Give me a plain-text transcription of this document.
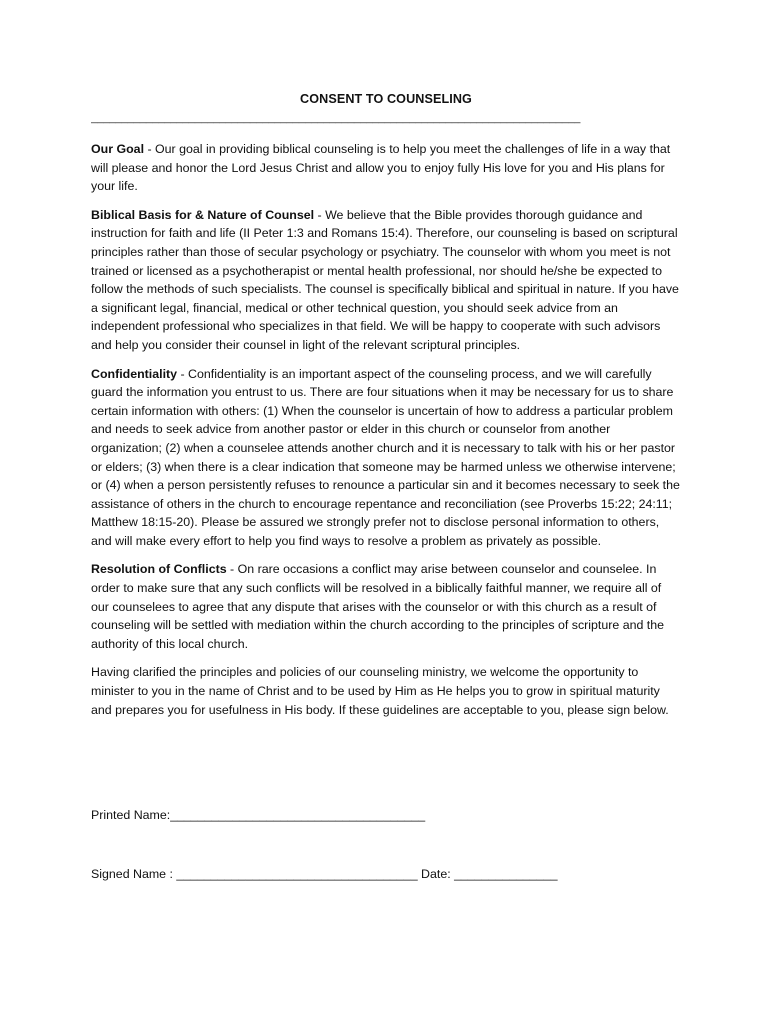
CONSENT TO COUNSELING
________________________________________________________________________________

Our Goal - Our goal in providing biblical counseling is to help you meet the challenges of life in a way that will please and honor the Lord Jesus Christ and allow you to enjoy fully His love for you and His plans for your life.

Biblical Basis for & Nature of Counsel - We believe that the Bible provides thorough guidance and instruction for faith and life (II Peter 1:3 and Romans 15:4). Therefore, our counseling is based on scriptural principles rather than those of secular psychology or psychiatry. The counselor with whom you meet is not trained or licensed as a psychotherapist or mental health professional, nor should he/she be expected to follow the methods of such specialists. The counsel is specifically biblical and spiritual in nature. If you have a significant legal, financial, medical or other technical question, you should seek advice from an independent professional who specializes in that field. We will be happy to cooperate with such advisors and help you consider their counsel in light of the relevant scriptural principles.

Confidentiality - Confidentiality is an important aspect of the counseling process, and we will carefully guard the information you entrust to us. There are four situations when it may be necessary for us to share certain information with others: (1) When the counselor is uncertain of how to address a particular problem and needs to seek advice from another pastor or elder in this church or counselor from another organization; (2) when a counselee attends another church and it is necessary to talk with his or her pastor or elders; (3) when there is a clear indication that someone may be harmed unless we otherwise intervene; or (4) when a person persistently refuses to renounce a particular sin and it becomes necessary to seek the assistance of others in the church to encourage repentance and reconciliation (see Proverbs 15:22; 24:11; Matthew 18:15-20). Please be assured we strongly prefer not to disclose personal information to others, and will make every effort to help you find ways to resolve a problem as privately as possible.

Resolution of Conflicts - On rare occasions a conflict may arise between counselor and counselee. In order to make sure that any such conflicts will be resolved in a biblically faithful manner, we require all of our counselees to agree that any dispute that arises with the counselor or with this church as a result of counseling will be settled with mediation within the church according to the principles of scripture and the authority of this local church.

Having clarified the principles and policies of our counseling ministry, we welcome the opportunity to minister to you in the name of Christ and to be used by Him as He helps you to grow in spiritual maturity and prepares you for usefulness in His body. If these guidelines are acceptable to you, please sign below.

Printed Name:_____________________________________
Signed Name : ___________________________________ Date: _______________
